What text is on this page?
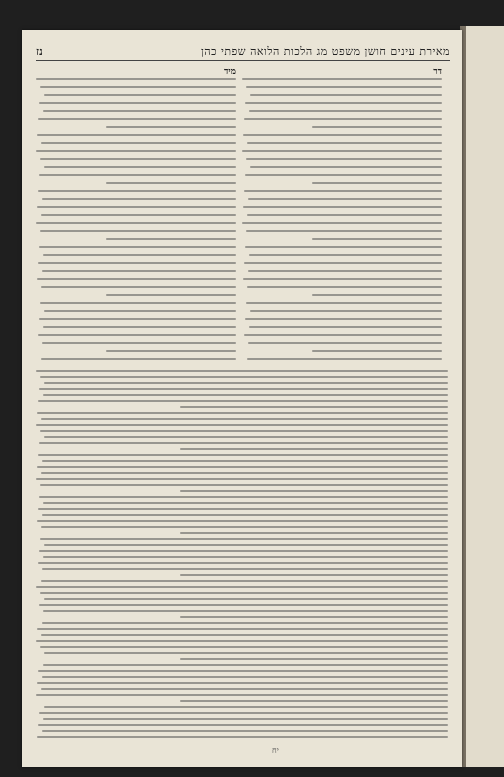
מאירת עינים חושן משפט מג הלכות הלואה שפתי כהן
נז
דר
מיד
יח
